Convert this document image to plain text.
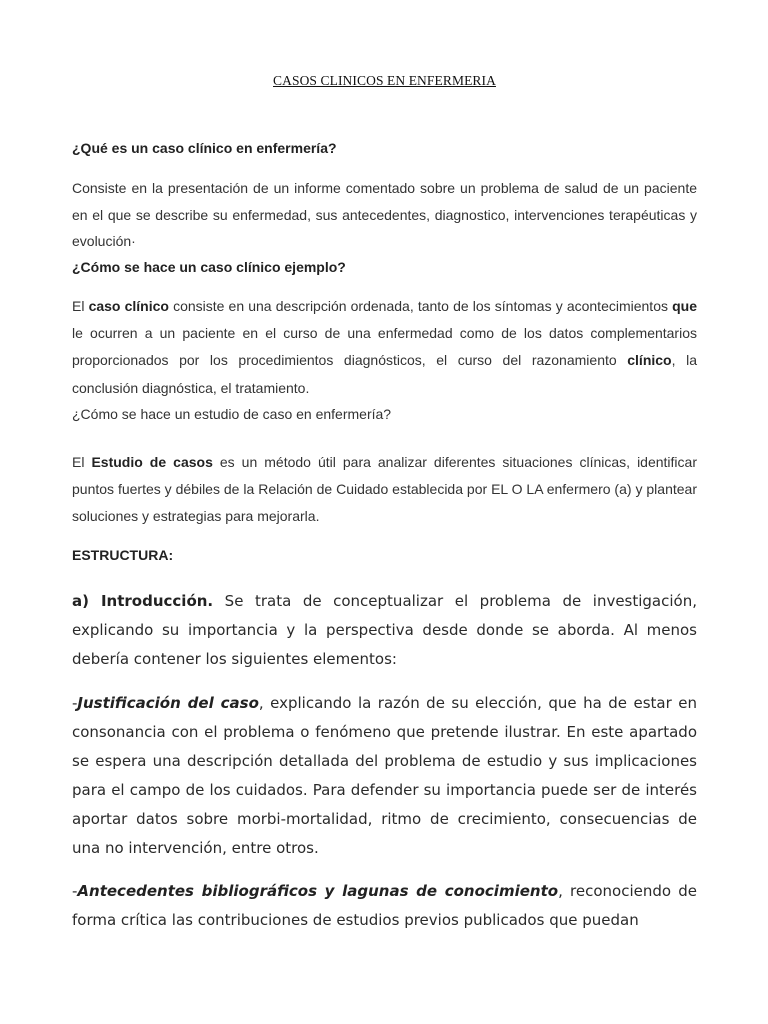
CASOS CLINICOS EN ENFERMERIA
¿Qué es un caso clínico en enfermería?
Consiste en la presentación de un informe comentado sobre un problema de salud de un paciente en el que se describe su enfermedad, sus antecedentes, diagnostico, intervenciones terapéuticas y evolución·
¿Cómo se hace un caso clínico ejemplo?
El caso clínico consiste en una descripción ordenada, tanto de los síntomas y acontecimientos que le ocurren a un paciente en el curso de una enfermedad como de los datos complementarios proporcionados por los procedimientos diagnósticos, el curso del razonamiento clínico, la conclusión diagnóstica, el tratamiento.
¿Cómo se hace un estudio de caso en enfermería?
El Estudio de casos es un método útil para analizar diferentes situaciones clínicas, identificar puntos fuertes y débiles de la Relación de Cuidado establecida por EL O LA enfermero (a) y plantear soluciones y estrategias para mejorarla.
ESTRUCTURA:
a) Introducción. Se trata de conceptualizar el problema de investigación, explicando su importancia y la perspectiva desde donde se aborda. Al menos debería contener los siguientes elementos:
-Justificación del caso, explicando la razón de su elección, que ha de estar en consonancia con el problema o fenómeno que pretende ilustrar. En este apartado se espera una descripción detallada del problema de estudio y sus implicaciones para el campo de los cuidados. Para defender su importancia puede ser de interés aportar datos sobre morbi-mortalidad, ritmo de crecimiento, consecuencias de una no intervención, entre otros.
-Antecedentes bibliográficos y lagunas de conocimiento, reconociendo de forma crítica las contribuciones de estudios previos publicados que puedan
